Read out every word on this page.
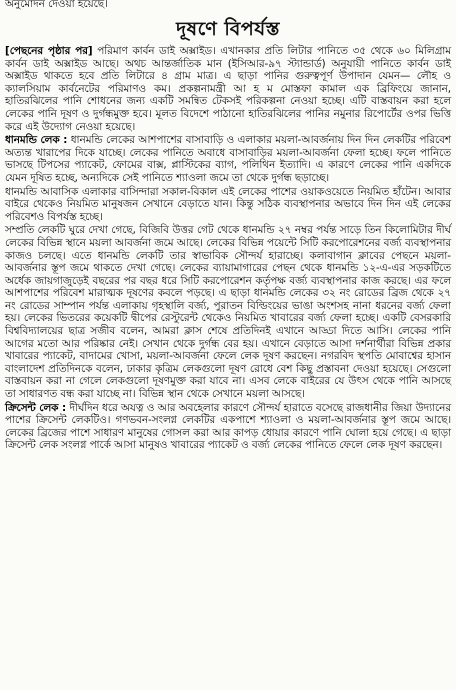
অনুমোদন দেওয়া হয়েছে।
দূষণে বিপর্যস্ত

[পেছনের পৃষ্ঠার পর] পরিমাণ কার্বন ডাই অক্সাইড। এখানকার প্রতি লিটার পানিতে ৩৫ থেকে ৬০ মিলিগ্রাম কার্বন ডাই অক্সাইড আছে। অথচ আন্তর্জাতিক মান (ইসিআর-৯৭ স্ট্যান্ডার্ড) অনুযায়ী পানিতে কার্বন ডাই অক্সাইড থাকতে হবে প্রতি লিটারে ৪ গ্রাম মাত্র। এ ছাড়া পানির গুরুত্বপূর্ণ উপাদান যেমন— লৌহ ও ক্যালসিয়াম কার্বনেটের পরিমাণও কম। প্রকল্পনামন্ত্রী আ হ ম মোস্তফা কামাল এক ব্রিফিংয়ে জানান, হাতিরঝিলের পানি শোধনের জন্য একটি সমন্বিত টেকসই পরিকল্পনা নেওয়া হচ্ছে। এটি বাস্তবায়ন করা হলে লেকের পানি দূষণ ও দুর্গন্ধমুক্ত হবে। মূলত বিদেশে পাঠানো হাতিরঝিলের পানির নমুনার রিপোর্টের ওপর ভিত্তি করে এই উদ্যোগ নেওয়া হয়েছে।

ধানমন্ডি লেক : ধানমন্ডি লেকের আশপাশের বাসাবাড়ি ও এলাকার ময়লা-আবর্জনায় দিন দিন লেকটির পরিবেশ অত্যন্ত খারাপের দিকে যাচ্ছে। লেকের পানিতে অবাধে বাসাবাড়ির ময়লা-আবর্জনা ফেলা হচ্ছে। ফলে পানিতে ভাসছে টিপসের প্যাকেট, ফোমের বাক্স, প্লাস্টিকের ব্যাগ, পলিথিন ইত্যাদি। এ কারণে লেকের পানি একদিকে যেমন দূষিত হচ্ছে, অন্যদিকে সেই পানিতে শ্যাওলা জমে তা থেকে দুর্গন্ধ ছড়াচ্ছে।

ধানমন্ডি আবাসিক এলাকার বাসিন্দারা সকাল-বিকাল এই লেকের পাশের ওয়াকওয়েতে নিয়মিত হাঁটেন। আবার বাইরে থেকেও নিয়মিত মানুষজন সেখানে বেড়াতে যান। কিন্তু সঠিক ব্যবস্থাপনার অভাবে দিন দিন এই লেকের পরিবেশও বিপর্যস্ত হচ্ছে।

সম্প্রতি লেকটি ঘুরে দেখা গেছে, বিজিবি উত্তর গেট থেকে ধানমন্ডি ২৭ নম্বর পর্যন্ত সাড়ে তিন কিলোমিটার দীর্ঘ লেকের বিভিন্ন স্থানে ময়লা আবর্জনা জমে আছে। লেকের বিভিন্ন পয়েন্টে সিটি করপোরেশনের বর্জ্য ব্যবস্থাপনার কাজও চলছে। এতে ধানমন্ডি লেকটি তার স্বাভাবিক সৌন্দর্য হারাচ্ছে। কলাবাগান ক্লাবের পেছনে ময়লা-আবর্জনার স্তূপ জমে থাকতে দেখা গেছে। লেকের ব্যায়ামাগারের পেছন থেকে ধানমন্ডি ১২-এ-এর সড়কটিতে অর্ধেক জায়গাজুড়েই বছরের পর বছর ধরে সিটি করপোরেশন কর্তৃপক্ষ বর্জ্য ব্যবস্থাপনার কাজ করছে। এর ফলে আশপাশের পরিবেশ মারাত্মক দূষণের কবলে পড়ছে। এ ছাড়া ধানমন্ডি লেকের ৩২ নং রোডের ব্রিজ থেকে ২৭ নং রোডের সাম্পান পর্যন্ত এলাকায় গৃহস্থালি বর্জ্য, পুরাতন বিল্ডিংয়ের ভাঙা অংশসহ নানা ধরনের বর্জ্য ফেলা হয়। লেকের ভিতরের কয়েকটি দ্বীপের রেস্টুরেন্ট থেকেও নিয়মিত খাবারের বর্জ্য ফেলা হচ্ছে। একটি বেসরকারি বিশ্ববিদ্যালয়ের ছাত্র সজীব বলেন, আমরা ক্লাস শেষে প্রতিদিনই এখানে আড্ডা দিতে আসি। লেকের পানি আগের মতো আর পরিষ্কার নেই। সেখান থেকে দুর্গন্ধ বের হয়। এখানে বেড়াতে আসা দর্শনার্থীরা বিভিন্ন প্রকার খাবারের প্যাকেট, বাদামের খোসা, ময়লা-আবর্জনা ফেলে লেক দূষণ করছেন। নগরবিদ স্থপতি মোবাশ্বের হাসান বাংলাদেশ প্রতিদিনকে বলেন, ঢাকার কৃত্রিম লেকগুলো দূষণ রোধে বেশ কিছু প্রস্তাবনা দেওয়া হয়েছে। সেগুলো বাস্তবায়ন করা না গেলে লেকগুলো দূষণমুক্ত করা যাবে না। এসব লেকে বাইরের যে উৎস থেকে পানি আসছে তা সাধারণত বন্ধ করা যাচ্ছে না। বিভিন্ন স্থান থেকে সেখানে ময়লা আসছে।

ক্রিসেন্ট লেক : দীর্ঘদিন ধরে অযত্ন ও আর অবহেলার কারণে সৌন্দর্য হারাতে বসেছে রাজধানীর জিয়া উদ্যানের পাশের ক্রিসেন্ট লেকটিও। গণভবন-সংলগ্ন লেকটির একপাশে শ্যাওলা ও ময়লা-আবর্জনার স্তূপ জমে আছে। লেকের ব্রিজের পাশে সাধারণ মানুষের গোসল করা আর কাপড় ধোয়ার কারণে পানি ঘোলা হয়ে গেছে। এ ছাড়া ক্রিসেন্ট লেক সংলগ্ন পার্কে আসা মানুষও খাবারের প্যাকেট ও বর্জ্য লেকের পানিতে ফেলে লেক দূষণ করছেন।
